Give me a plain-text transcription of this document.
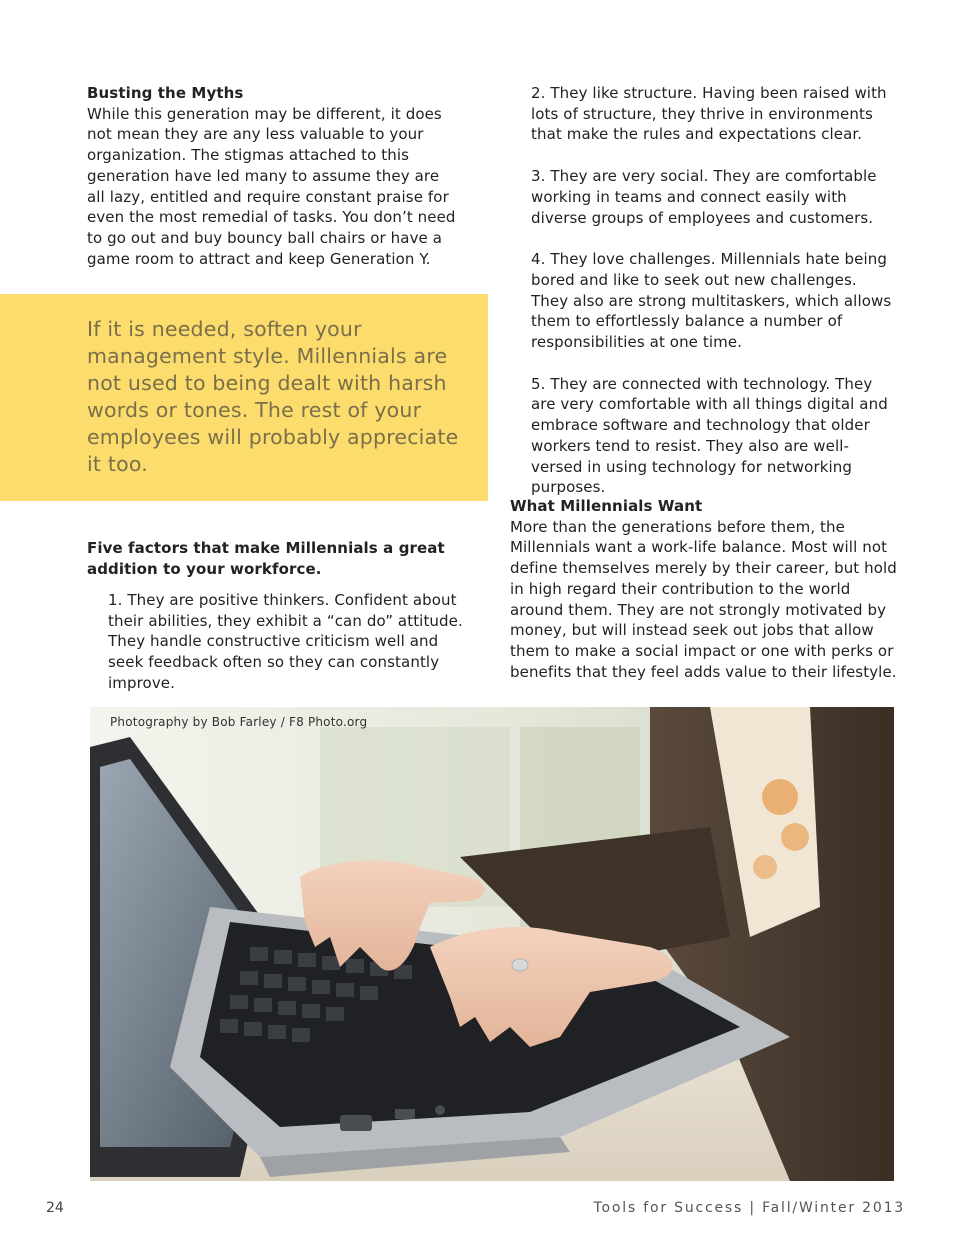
Busting the Myths

While this generation may be different, it does not mean they are any less valuable to your organization. The stigmas attached to this generation have led many to assume they are all lazy, entitled and require constant praise for even the most remedial of tasks. You don’t need to go out and buy bouncy ball chairs or have a game room to attract and keep Generation Y.

If it is needed, soften your management style. Millennials are not used to being dealt with harsh words or tones. The rest of your employees will probably appreciate it too.

Five factors that make Millennials a great addition to your workforce.

1. They are positive thinkers. Confident about their abilities, they exhibit a “can do” attitude. They handle constructive criticism well and seek feedback often so they can constantly improve.

2. They like structure. Having been raised with lots of structure, they thrive in environments that make the rules and expectations clear.

3. They are very social. They are comfortable working in teams and connect easily with diverse groups of employees and customers.

4. They love challenges. Millennials hate being bored and like to seek out new challenges. They also are strong multitaskers, which allows them to effortlessly balance a number of responsibilities at one time.

5. They are connected with technology. They are very comfortable with all things digital and embrace software and technology that older workers tend to resist. They also are well-versed in using technology for networking purposes.

What Millennials Want

More than the generations before them, the Millennials want a work-life balance. Most will not define themselves merely by their career, but hold in high regard their contribution to the world around them. They are not strongly motivated by money, but will instead seek out jobs that allow them to make a social impact or one with perks or benefits that they feel adds value to their lifestyle.

Photography by Bob Farley / F8 Photo.org
24	Tools for Success | Fall/Winter 2013
